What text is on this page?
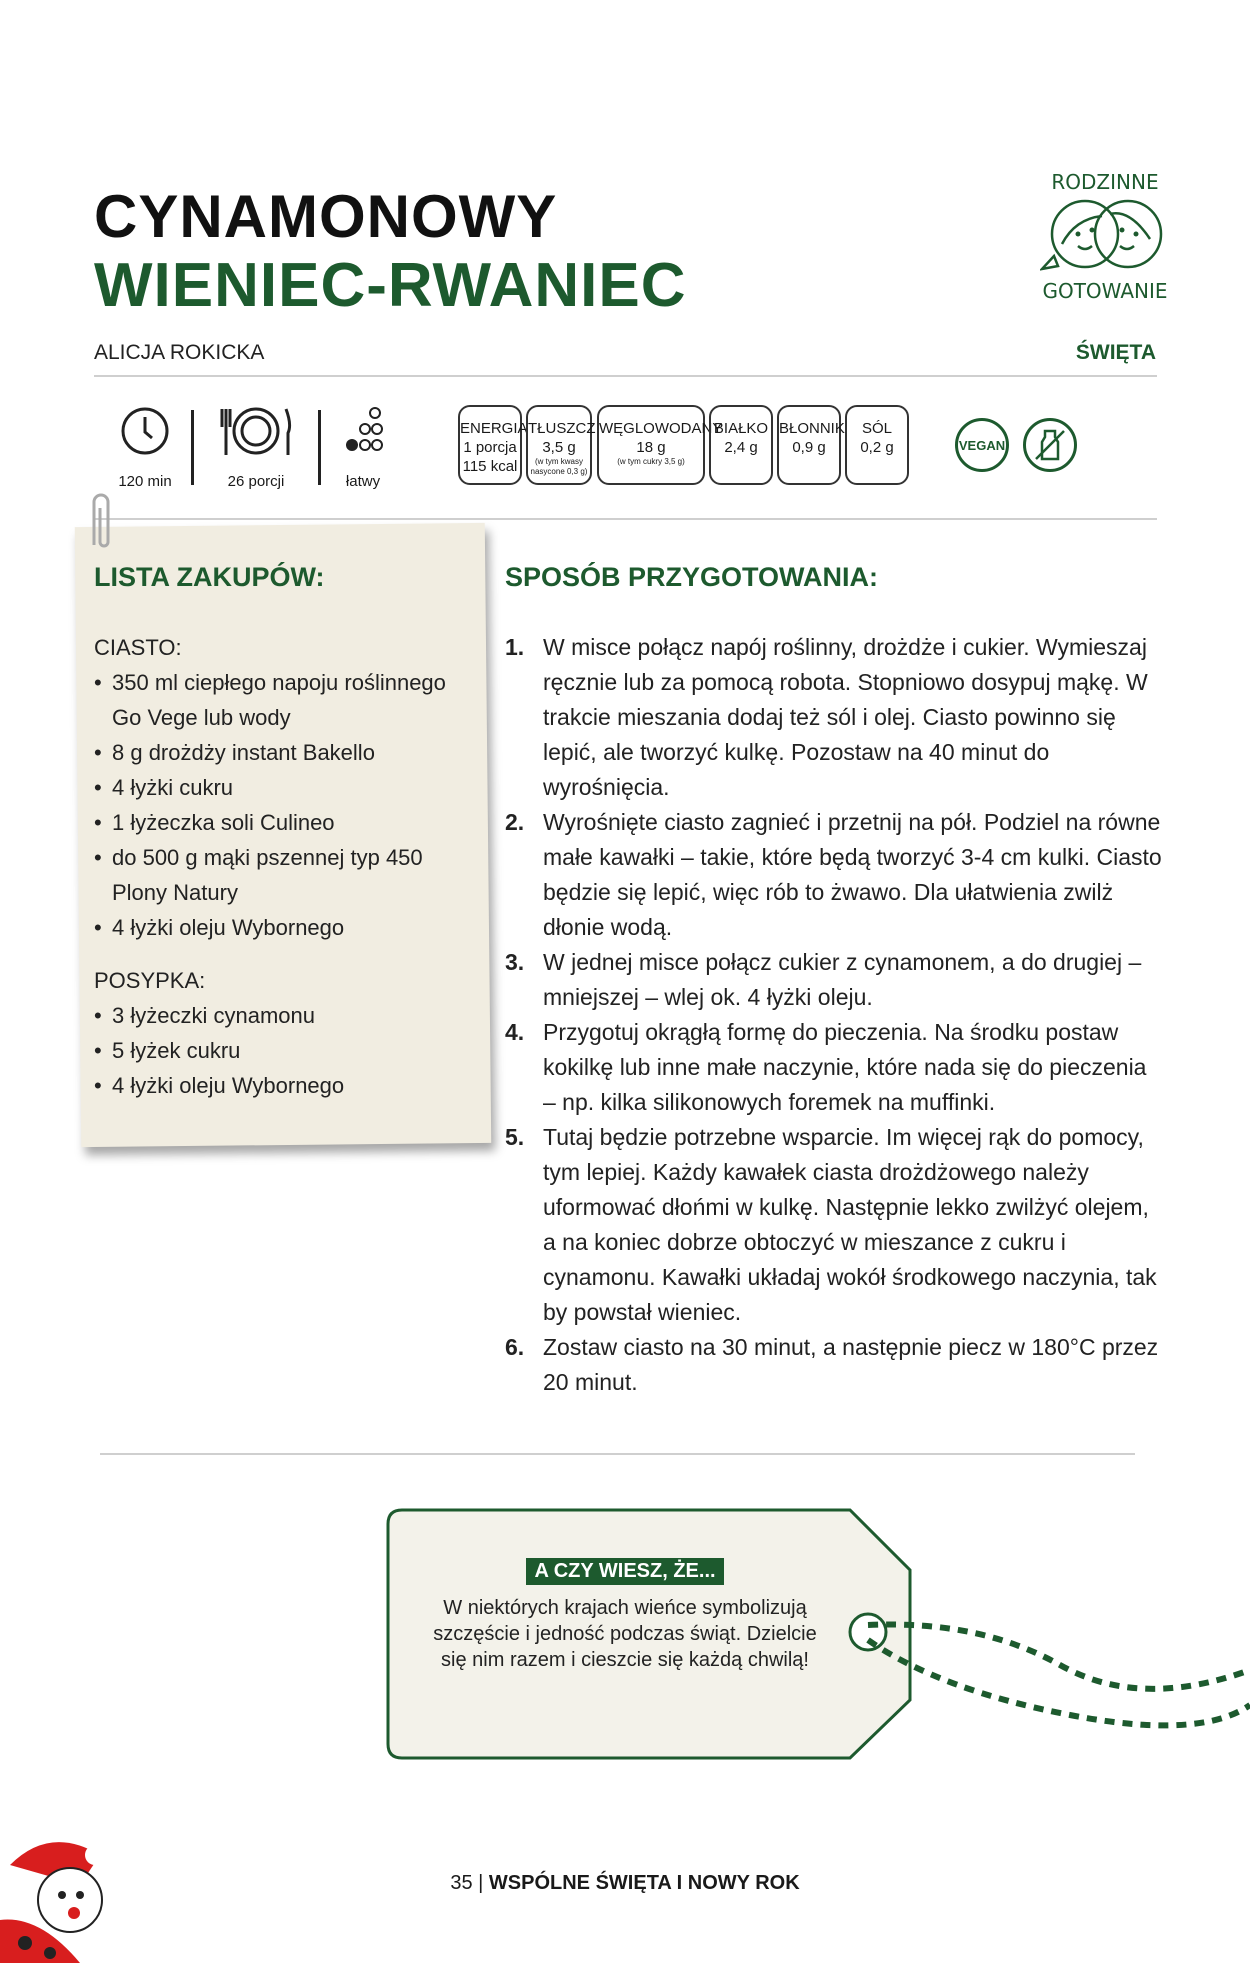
CYNAMONOWY
WIENIEC-RWANIEC
RODZINNE
GOTOWANIE
ALICJA ROKICKA	ŚWIĘTA
120 min	26 porcji	łatwy
ENERGIA
1 porcja
115 kcal
TŁUSZCZ
3,5 g
(w tym kwasy nasycone 0,3 g)
WĘGLOWODANY
18 g
(w tym cukry 3,5 g)
BIAŁKO
2,4 g
BŁONNIK
0,9 g
SÓL
0,2 g	VEGAN
LISTA ZAKUPÓW:
CIASTO:
• 350 ml ciepłego napoju roślinnego Go Vege lub wody
• 8 g drożdży instant Bakello
• 4 łyżki cukru
• 1 łyżeczka soli Culineo
• do 500 g mąki pszennej typ 450 Plony Natury
• 4 łyżki oleju Wybornego
POSYPKA:
• 3 łyżeczki cynamonu
• 5 łyżek cukru
• 4 łyżki oleju Wybornego
SPOSÓB PRZYGOTOWANIA:
1. W misce połącz napój roślinny, drożdże i cukier. Wymieszaj ręcznie lub za pomocą robota. Stopniowo dosypuj mąkę. W trakcie mieszania dodaj też sól i olej. Ciasto powinno się lepić, ale tworzyć kulkę. Pozostaw na 40 minut do wyrośnięcia.
2. Wyrośnięte ciasto zagnieć i przetnij na pół. Podziel na równe małe kawałki – takie, które będą tworzyć 3-4 cm kulki. Ciasto będzie się lepić, więc rób to żwawo. Dla ułatwienia zwilż dłonie wodą.
3. W jednej misce połącz cukier z cynamonem, a do drugiej – mniejszej – wlej ok. 4 łyżki oleju.
4. Przygotuj okrągłą formę do pieczenia. Na środku postaw kokilkę lub inne małe naczynie, które nada się do pieczenia – np. kilka silikonowych foremek na muffinki.
5. Tutaj będzie potrzebne wsparcie. Im więcej rąk do pomocy, tym lepiej. Każdy kawałek ciasta drożdżowego należy uformować dłońmi w kulkę. Następnie lekko zwilżyć olejem, a na koniec dobrze obtoczyć w mieszance z cukru i cynamonu. Kawałki układaj wokół środkowego naczynia, tak by powstał wieniec.
6. Zostaw ciasto na 30 minut, a następnie piecz w 180°C przez 20 minut.
A CZY WIESZ, ŻE...
W niektórych krajach wieńce symbolizują szczęście i jedność podczas świąt. Dzielcie się nim razem i cieszcie się każdą chwilą!
35 | WSPÓLNE ŚWIĘTA I NOWY ROK
